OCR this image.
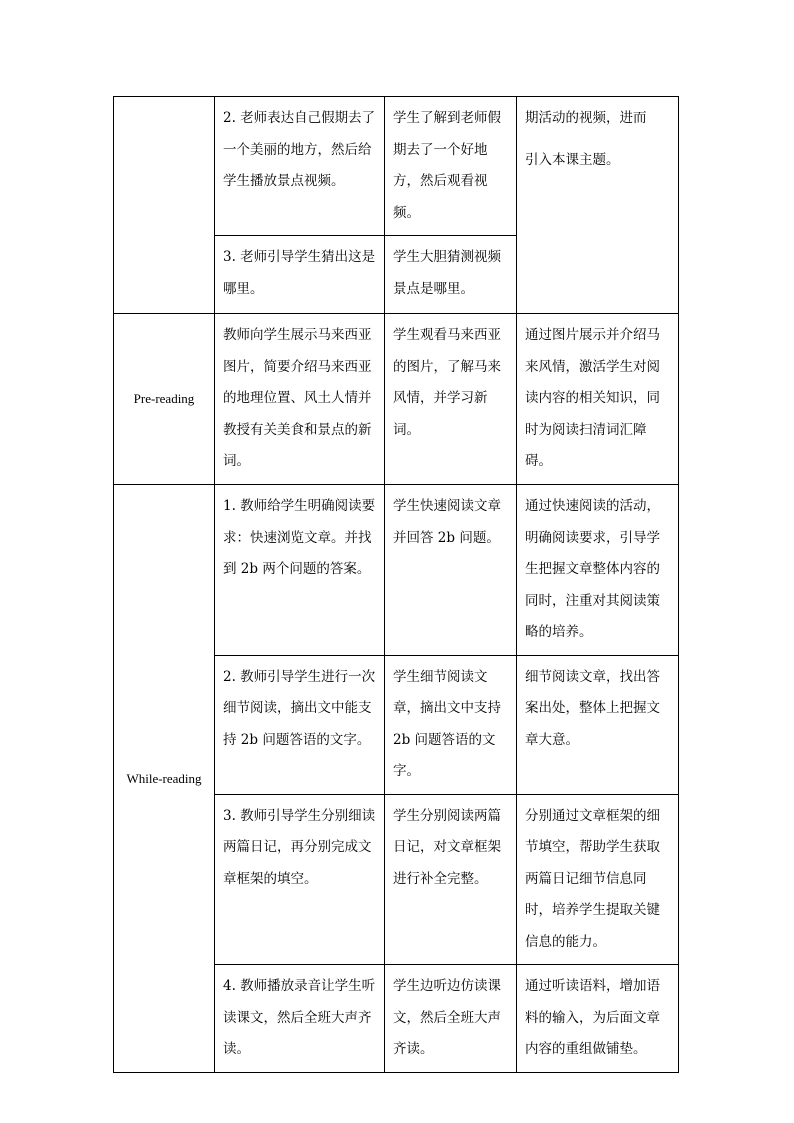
	2. 老师表达自己假期去了一个美丽的地方，然后给学生播放景点视频。	学生了解到老师假期去了一个好地方，然后观看视频。	期活动的视频，进而
引入本课主题。

	3. 老师引导学生猜出这是哪里。	学生大胆猜测视频景点是哪里。	
Pre-reading	教师向学生展示马来西亚图片，简要介绍马来西亚的地理位置、风土人情并教授有关美食和景点的新词。	学生观看马来西亚的图片，了解马来风情，并学习新词。	通过图片展示并介绍马来风情，激活学生对阅读内容的相关知识，同时为阅读扫清词汇障碍。
While-reading	1. 教师给学生明确阅读要求：快速浏览文章。并找到 2b 两个问题的答案。	学生快速阅读文章并回答 2b 问题。	通过快速阅读的活动，明确阅读要求，引导学生把握文章整体内容的同时，注重对其阅读策略的培养。
	2. 教师引导学生进行一次细节阅读，摘出文中能支持 2b 问题答语的文字。	学生细节阅读文章，摘出文中支持 2b 问题答语的文字。	细节阅读文章，找出答案出处，整体上把握文章大意。
	3. 教师引导学生分别细读两篇日记，再分别完成文章框架的填空。	学生分别阅读两篇日记，对文章框架进行补全完整。	分别通过文章框架的细节填空，帮助学生获取两篇日记细节信息同时，培养学生提取关键信息的能力。
	4. 教师播放录音让学生听读课文，然后全班大声齐读。	学生边听边仿读课文，然后全班大声齐读。	通过听读语料，增加语料的输入，为后面文章内容的重组做铺垫。
